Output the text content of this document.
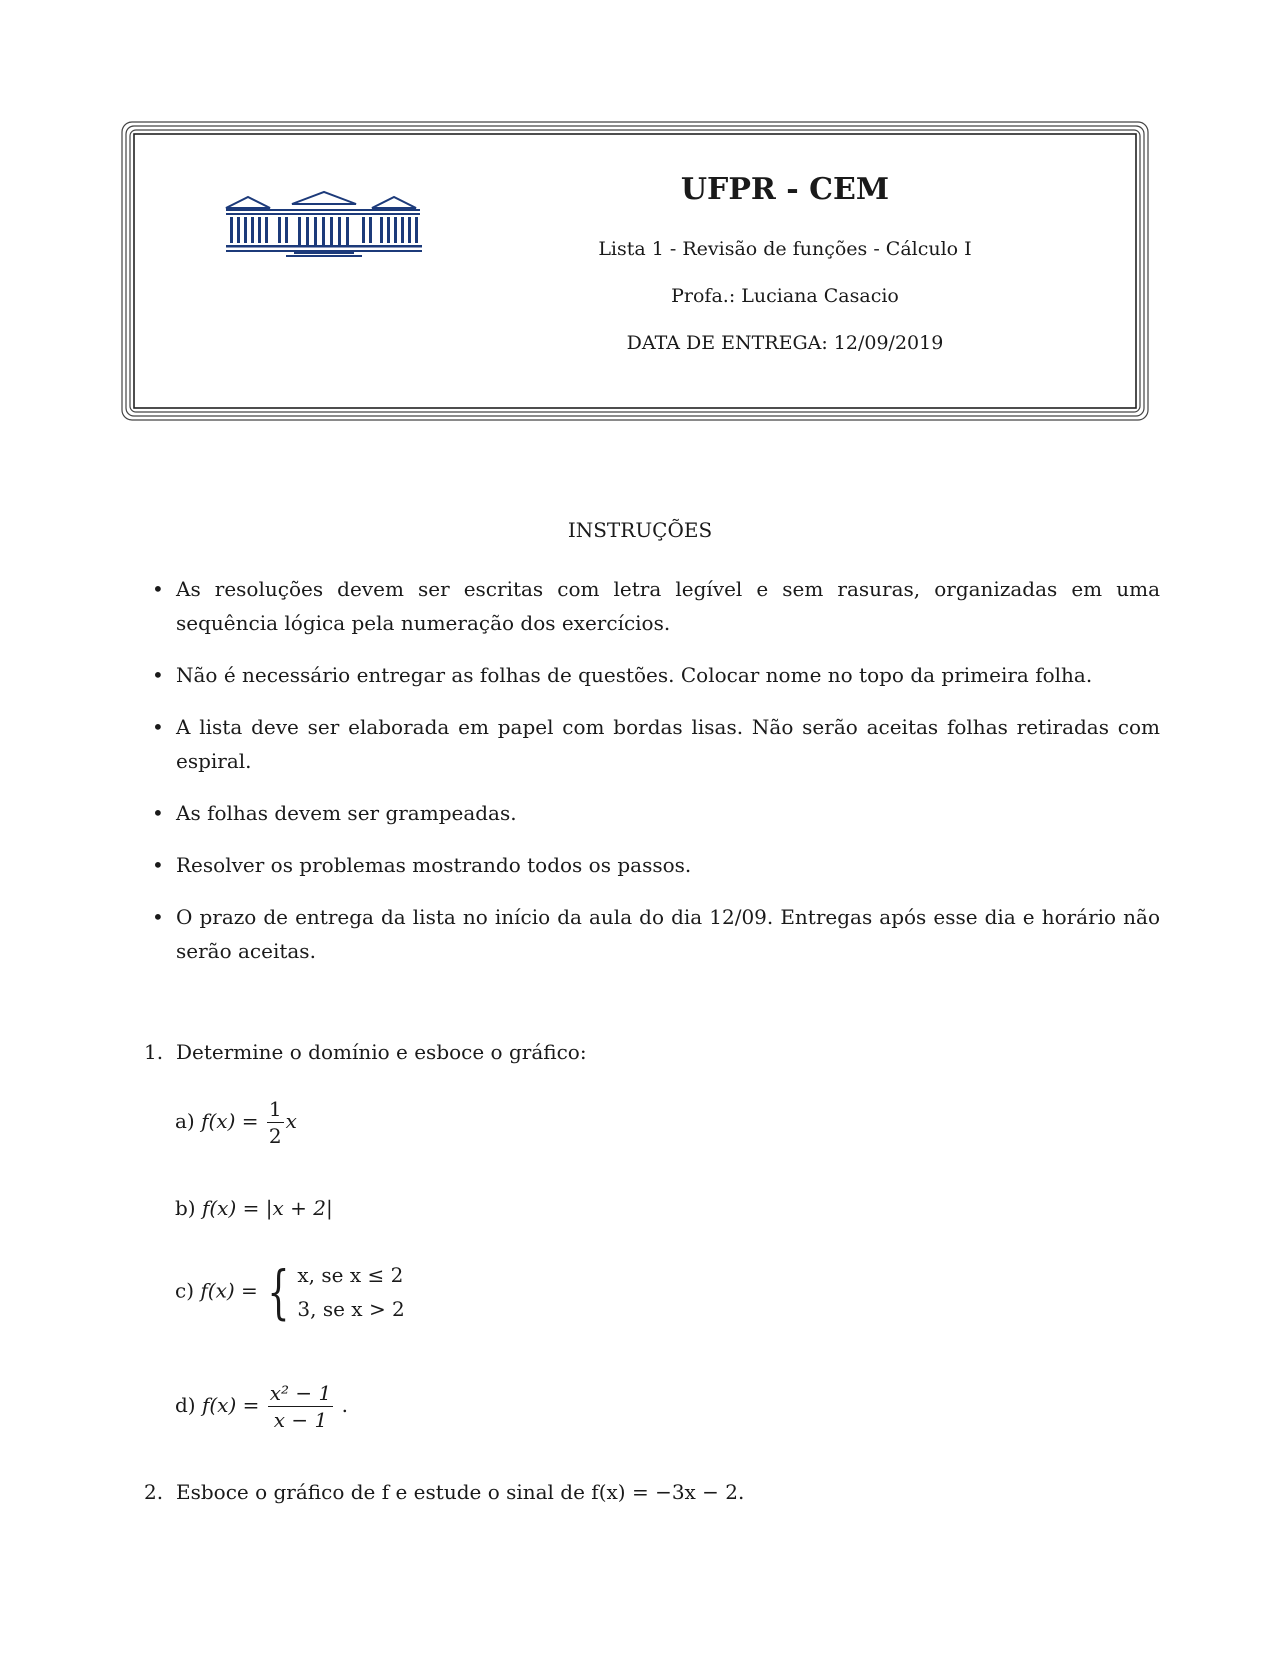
UFPR - CEM
Lista 1 - Revisão de funções - Cálculo I
Profa.: Luciana Casacio
DATA DE ENTREGA: 12/09/2019
INSTRUÇÕES
• As resoluções devem ser escritas com letra legível e sem rasuras, organizadas em uma sequência lógica pela numeração dos exercícios.
• Não é necessário entregar as folhas de questões. Colocar nome no topo da primeira folha.
• A lista deve ser elaborada em papel com bordas lisas. Não serão aceitas folhas retiradas com espiral.
• As folhas devem ser grampeadas.
• Resolver os problemas mostrando todos os passos.
• O prazo de entrega da lista no início da aula do dia 12/09. Entregas após esse dia e horário não serão aceitas.
1. Determine o domínio e esboce o gráfico:
a) $f(x) = \frac{1}{2}$ x
b) f(x) = |x + 2|
c) f(x) = { x, se x ≤ 2
3, se x > 2
d) $f(x) = \frac{\text{x² − 1}}{x - 1}$ .
2. Esboce o gráfico de f e estude o sinal de f(x) = −3x − 2.
